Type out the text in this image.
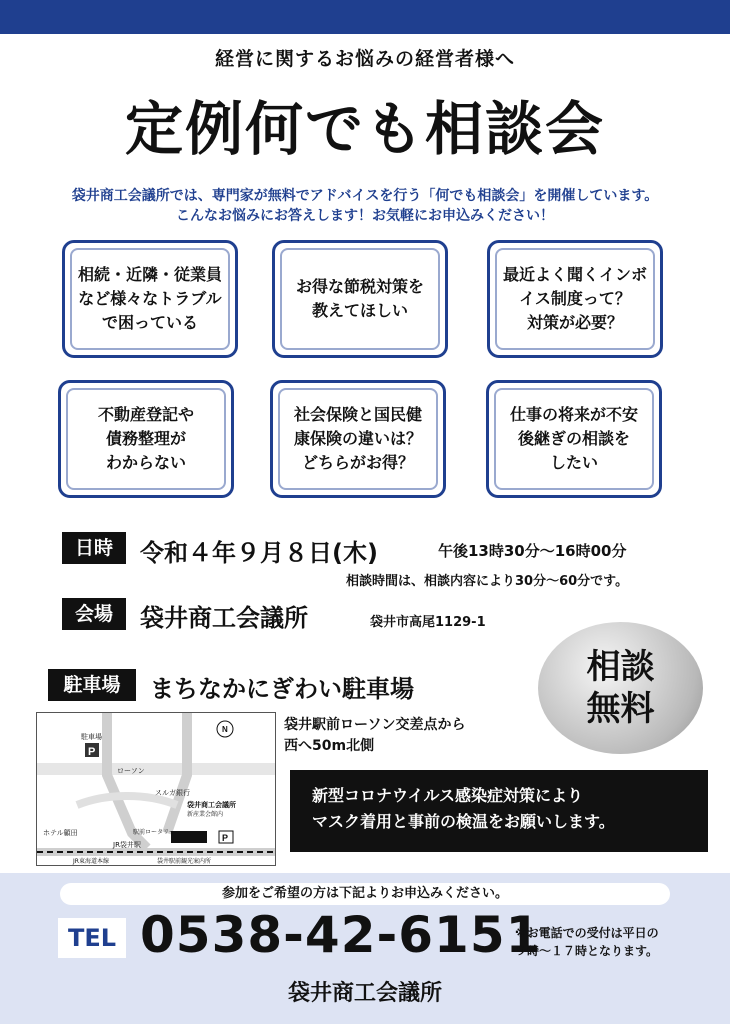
経営に関するお悩みの経営者様へ
定例何でも相談会
袋井商工会議所では、専門家が無料でアドバイスを行う「何でも相談会」を開催しています。
こんなお悩みにお答えします！お気軽にお申込みください！
相続・近隣・従業員
など様々なトラブル
で困っている
お得な節税対策を
教えてほしい
最近よく聞くインボ
イス制度って？
対策が必要？
不動産登記や
債務整理が
わからない
社会保険と国民健
康保険の違いは？
どちらがお得？
仕事の将来が不安
後継ぎの相談を
したい
日時	令和４年９月８日(木)	午後13時30分～16時00分
相談時間は、相談内容により30分～60分です。
会場	袋井商工会議所	袋井市高尾1129-1
駐車場	まちなかにぎわい駐車場
相談
無料
P
駐車場
袋井商工会議所
新産業会館内
P
ローソン
スルガ銀行
ホテル顧田	駅前ロータリー
JR袋井駅
JR東海道本線	袋井駅前観光案内所
N	袋井駅前ローソン交差点から
西へ50m北側
新型コロナウイルス感染症対策により
マスク着用と事前の検温をお願いします。
参加をご希望の方は下記よりお申込みください。
TEL 0538-42-6151
※お電話での受付は平日の
９時～１７時となります。
袋井商工会議所
